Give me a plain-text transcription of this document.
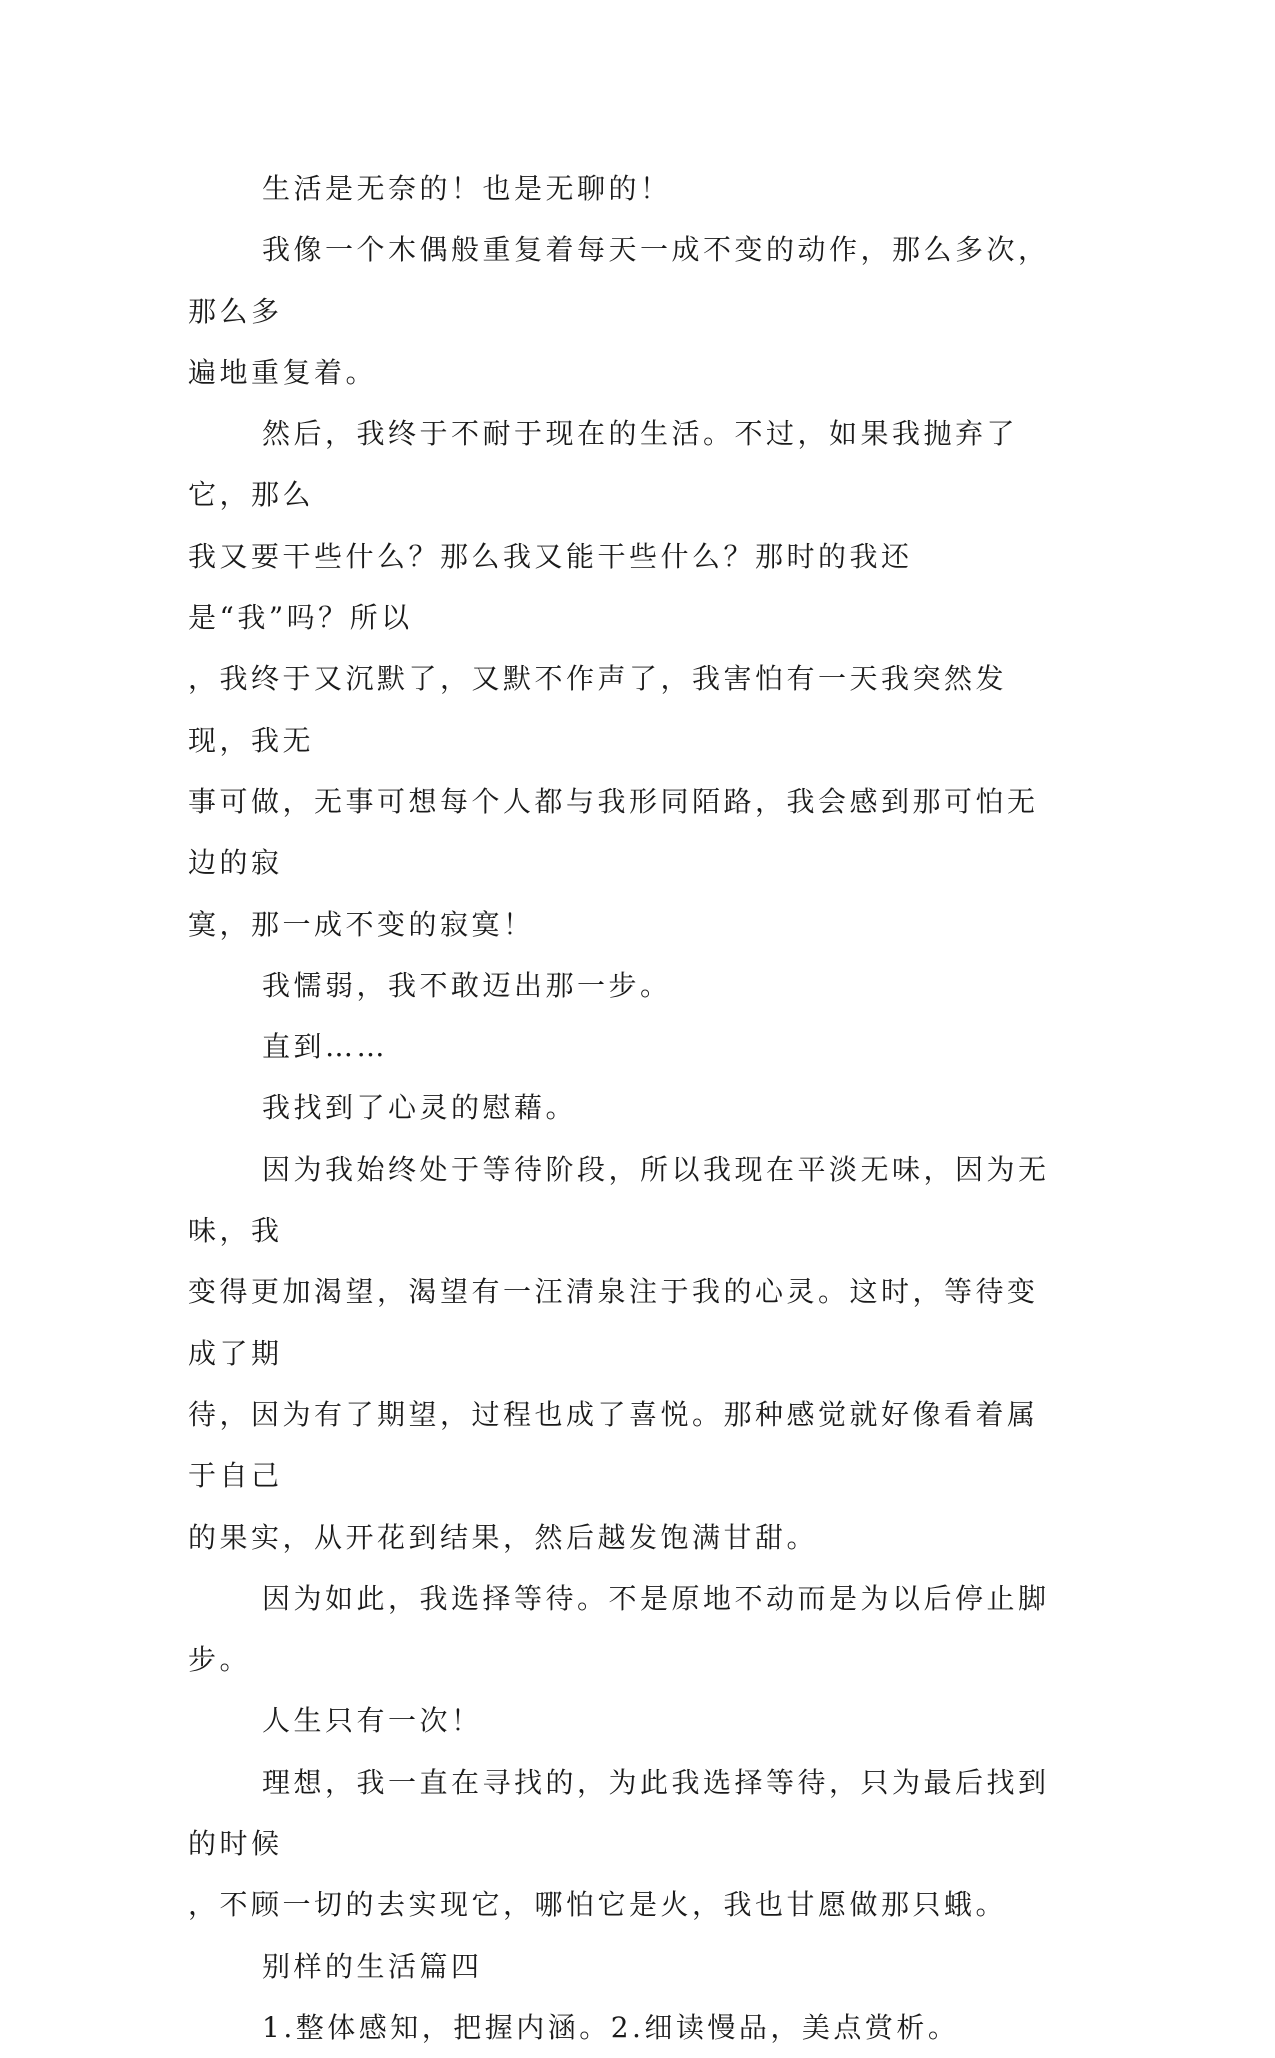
生活是无奈的！也是无聊的！
我像一个木偶般重复着每天一成不变的动作，那么多次，那么多
遍地重复着。
然后，我终于不耐于现在的生活。不过，如果我抛弃了它，那么
我又要干些什么？那么我又能干些什么？那时的我还是“我”吗？所以
，我终于又沉默了，又默不作声了，我害怕有一天我突然发现，我无
事可做，无事可想每个人都与我形同陌路，我会感到那可怕无边的寂
寞，那一成不变的寂寞！
我懦弱，我不敢迈出那一步。
直到……
我找到了心灵的慰藉。
因为我始终处于等待阶段，所以我现在平淡无味，因为无味，我
变得更加渴望，渴望有一汪清泉注于我的心灵。这时，等待变成了期
待，因为有了期望，过程也成了喜悦。那种感觉就好像看着属于自己
的果实，从开花到结果，然后越发饱满甘甜。
因为如此，我选择等待。不是原地不动而是为以后停止脚步。
人生只有一次！
理想，我一直在寻找的，为此我选择等待，只为最后找到的时候
，不顾一切的去实现它，哪怕它是火，我也甘愿做那只蛾。
别样的生活篇四
1.整体感知，把握内涵。2.细读慢品，美点赏析。
